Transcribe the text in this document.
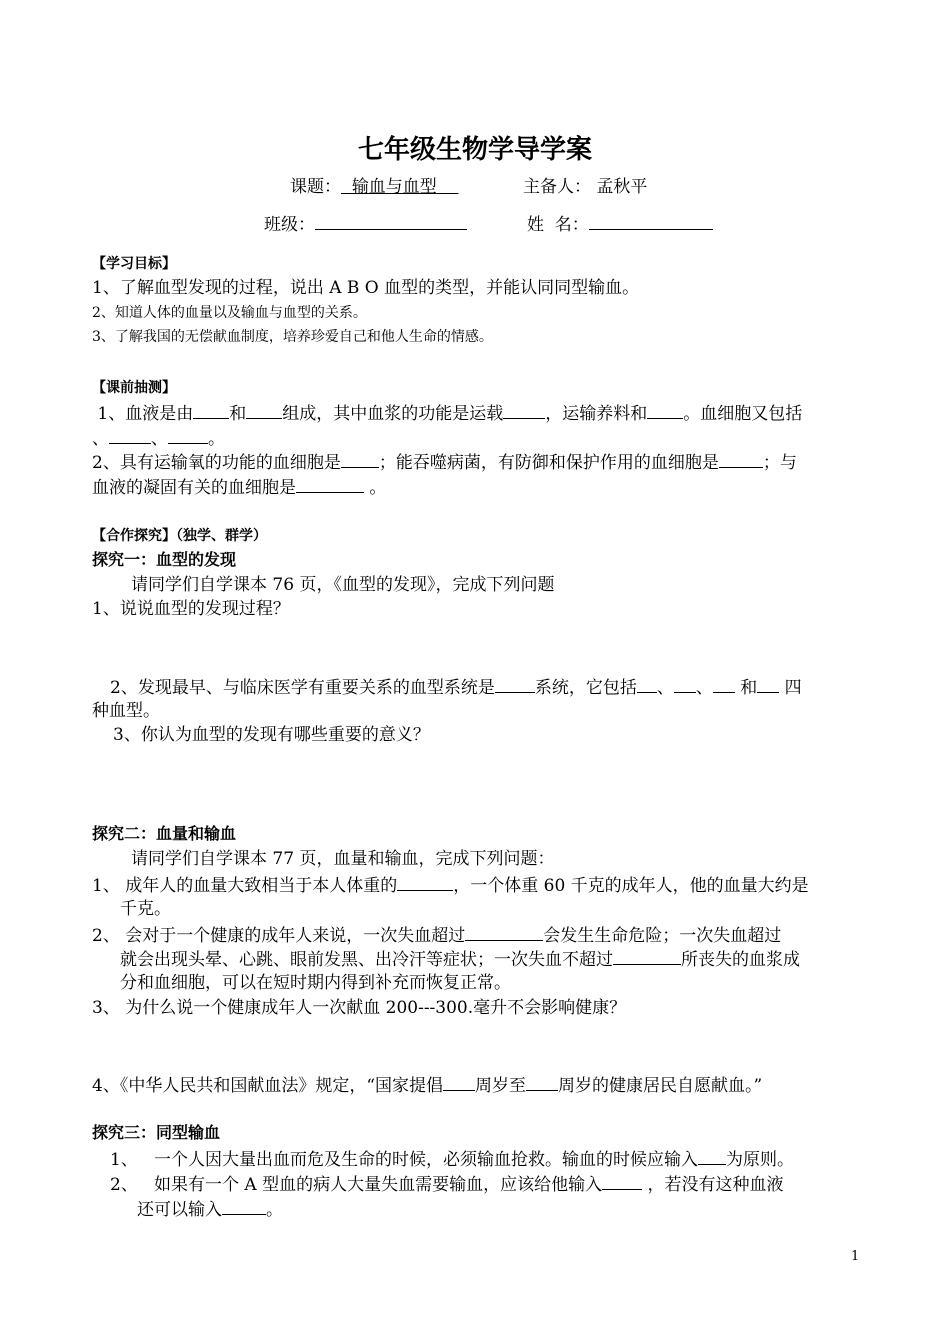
七年级生物学导学案
课题： 输血与血型	主备人： 孟秋平
班级：	姓  名：
【学习目标】
1、了解血型发现的过程，说出 A B O 血型的类型，并能认同同型输血。
2、知道人体的血量以及输血与血型的关系。
3、了解我国的无偿献血制度，培养珍爱自己和他人生命的情感。
【课前抽测】
1、血液是由 和 组成，其中血浆的功能是运载 ，运输养料和 。血细胞又包括
、 、 。
2、具有运输氧的功能的血细胞是 ；能吞噬病菌，有防御和保护作用的血细胞是	；与
血液的凝固有关的血细胞是	。
【合作探究】（独学、群学）
探究一：血型的发现
请同学们自学课本 76 页，《血型的发现》，完成下列问题
1、说说血型的发现过程？
2、发现最早、与临床医学有重要关系的血型系统是 系统，它包括 、 、 和 四
种血型。
3、你认为血型的发现有哪些重要的意义？
探究二：血量和输血
请同学们自学课本 77 页，血量和输血，完成下列问题：
1、 成年人的血量大致相当于本人体重的	，一个体重 60 千克的成年人，他的血量大约是
千克。
2、 会对于一个健康的成年人来说，一次失血超过	会发生生命危险；一次失血超过
就会出现头晕、心跳、眼前发黑、出冷汗等症状；一次失血不超过	所丧失的血浆成
分和血细胞，可以在短时期内得到补充而恢复正常。
3、 为什么说一个健康成年人一次献血 200---300.毫升不会影响健康？
4、《中华人民共和国献血法》规定，“国家提倡 周岁至 周岁的健康居民自愿献血。”
探究三：同型输血
1、   一个人因大量出血而危及生命的时候，必须输血抢救。输血的时候应输入 为原则。
2、   如果有一个 A 型血的病人大量失血需要输血，应该给他输入	，若没有这种血液
还可以输入	。
1
